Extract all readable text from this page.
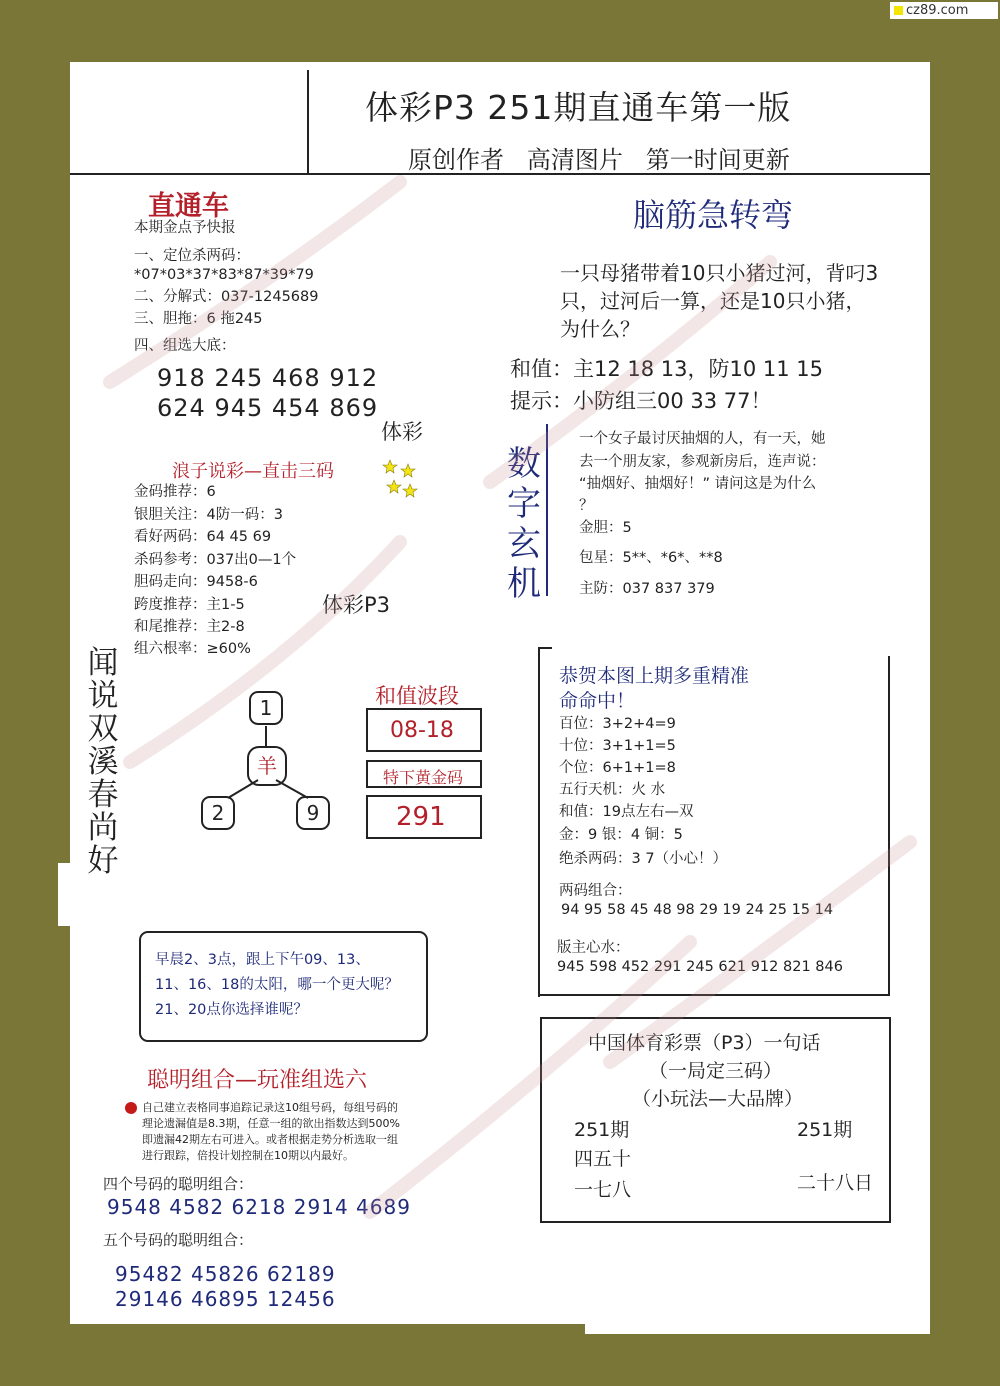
cz89.com
体彩P3 251期直通车第一版
原创作者   高清图片   第一时间更新
直通车
本期金点予快报
一、定位杀两码：
*07*03*37*83*87*39*79
二、分解式：037-1245689
三、胆拖：6 拖245
四、组选大底：
918 245 468 912
624 945 454 869
体彩
浪子说彩—直击三码
金码推荐：6
银胆关注：4防一码：3
看好两码：64 45 69
杀码参考：037出0—1个
胆码走向：9458-6
跨度推荐：主1-5
和尾推荐：主2-8
组六根率：≥60%
体彩P3
闻说双溪春尚好
1
羊
2	9
和值波段
08-18
特下黄金码
291
脑筋急转弯
一只母猪带着10只小猪过河，背叼3
只，过河后一算，还是10只小猪，
为什么？
和值：主12 18 13，防10 11 15
提示：小防组三00 33 77！
数字玄机
一个女子最讨厌抽烟的人，有一天，她
去一个朋友家，参观新房后，连声说：
“抽烟好、抽烟好！” 请问这是为什么
？
金胆：5
包星：5**、*6*、**8
主防：037 837 379
恭贺本图上期多重精准
命命中！
百位：3+2+4=9
十位：3+1+1=5
个位：6+1+1=8
五行天机：火 水
和值：19点左右—双
金：9 银：4 铜：5
绝杀两码：3 7（小心！）
两码组合：
94 95 58 45 48 98 29 19 24 25 15 14
版主心水：
945 598 452 291 245 621 912 821 846
早晨2、3点，跟上下午09、13、
11、16、18的太阳，哪一个更大呢？
21、20点你选择谁呢？
聪明组合—玩准组选六
自己建立表格同事追踪记录这10组号码，每组号码的
理论遗漏值是8.3期，任意一组的欲出指数达到500%
即遗漏42期左右可进入。或者根据走势分析选取一组
进行跟踪，倍投计划控制在10期以内最好。
四个号码的聪明组合：
9548 4582 6218 2914 4689
五个号码的聪明组合：
95482 45826 62189
29146 46895 12456
中国体育彩票（P3）一句话
（一局定三码）
（小玩法—大品牌）
251期
四五十
一七八
251期
二十八日
